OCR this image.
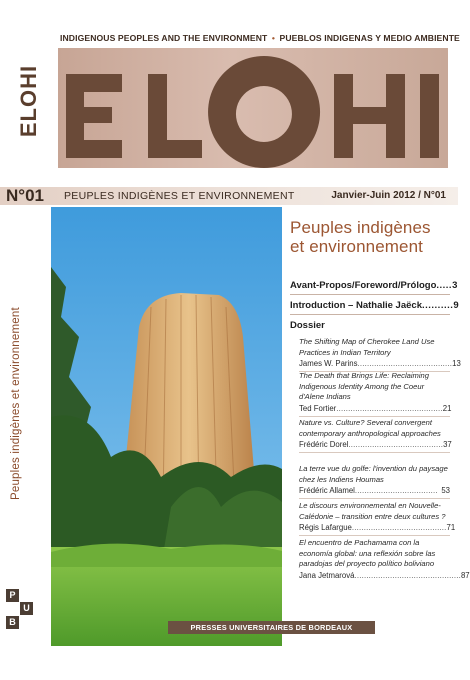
INDIGENOUS PEOPLES AND THE ENVIRONMENT • PUEBLOS INDIGENAS Y MEDIO AMBIENTE
ELOHI
N°01 PEUPLES INDIGÈNES ET ENVIRONNEMENT	Janvier-Juin 2012 / N°01
Peuples indigènes et environnement
P
U
B
PRESSES UNIVERSITAIRES DE BORDEAUX
Peuples indigènes
et environnement
Avant-Propos/Foreword/Prólogo ..... 3
Introduction – Nathalie Jaëck .......... 9
Dossier
The Shifting Map of Cherokee Land Use Practices in Indian Territory
James W. Parins ........................................ 13
The Death that Brings Life: Reclaiming Indigenous Identity Among the Coeur d'Alene Indians
Ted Fortier ............................................. 21
Nature vs. Culture? Several convergent contemporary anthropological approaches
Frédéric Dorel ........................................ 37
La terre vue du golfe: l'invention du paysage chez les Indiens Houmas
Frédéric Allamel ................................... 53
Le discours environnemental en Nouvelle-Calédonie – transition entre deux cultures ?
Régis Lafargue ........................................ 71
El encuentro de Pachamama con la economía global: una reflexión sobre las paradojas del proyecto político boliviano
Jana Jetmarová ............................................. 87
